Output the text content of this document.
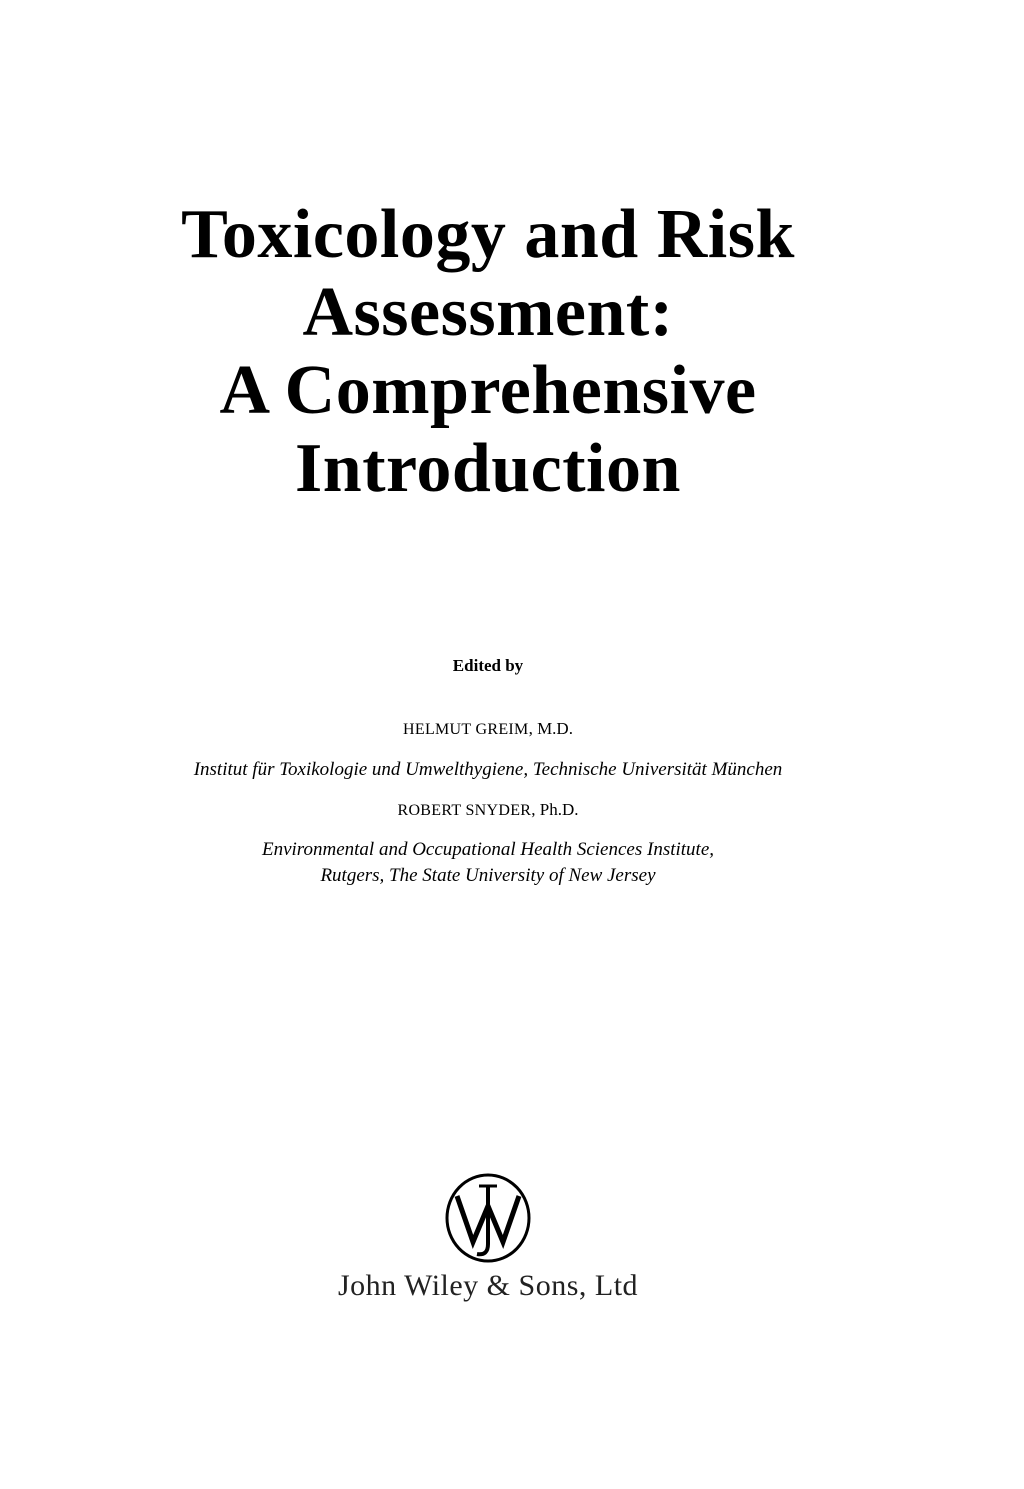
Toxicology and Risk
Assessment:
A Comprehensive
Introduction
Edited by
HELMUT GREIM, M.D.
Institut für Toxikologie und Umwelthygiene, Technische Universität München
ROBERT SNYDER, Ph.D.
Environmental and Occupational Health Sciences Institute,
Rutgers, The State University of New Jersey
John Wiley & Sons, Ltd
